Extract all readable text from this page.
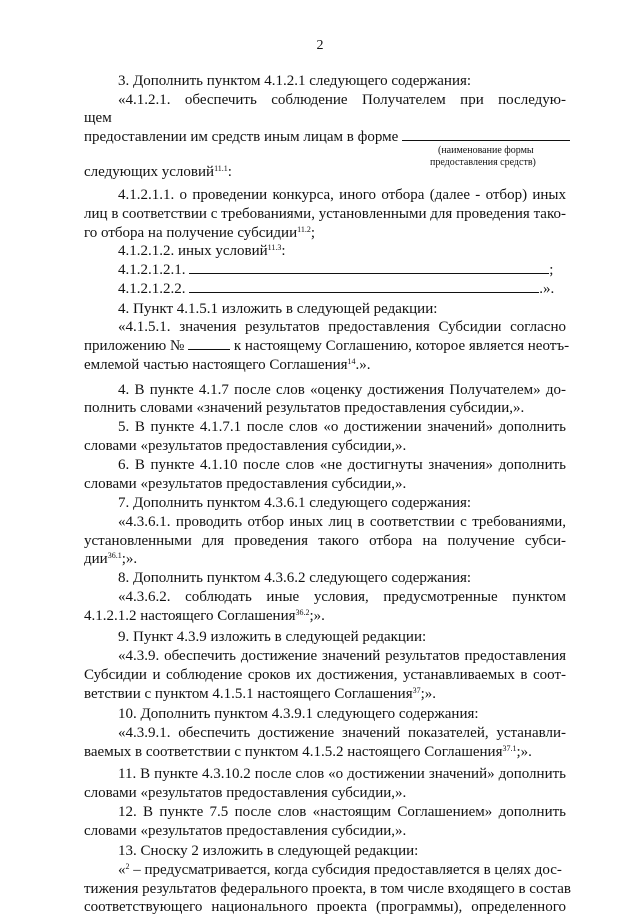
2
3. Дополнить пунктом 4.1.2.1 следующего содержания:
«4.1.2.1. обеспечить соблюдение Получателем при последую-
щем
предоставлении им средств иным лицам в форме
(наименование формы
предоставления средств)
следующих условий$^{11.1}$:
4.1.2.1.1. о проведении конкурса, иного отбора (далее - отбор) иных
лиц в соответствии с требованиями, установленными для проведения тако-
го отбора на получение субсидии$^{11.2}$;
4.1.2.1.2. иных условий$^{11.3}$:
4.1.2.1.2.1.	;
4.1.2.1.2.2.	.».
4. Пункт 4.1.5.1 изложить в следующей редакции:
«4.1.5.1. значения результатов предоставления Субсидии согласно
приложению №	к настоящему Соглашению, которое является неотъ-
емлемой частью настоящего Соглашения$^{14}$.».
4. В пункте 4.1.7 после слов «оценку достижения Получателем» до-
полнить словами «значений результатов предоставления субсидии,».
5. В пункте 4.1.7.1 после слов «о достижении значений» дополнить
словами «результатов предоставления субсидии,».
6. В пункте 4.1.10 после слов «не достигнуты значения» дополнить
словами «результатов предоставления субсидии,».
7. Дополнить пунктом 4.3.6.1 следующего содержания:
«4.3.6.1. проводить отбор иных лиц в соответствии с требованиями,
установленными для проведения такого отбора на получение субси-
дии$^{36.1}$;».
8. Дополнить пунктом 4.3.6.2 следующего содержания:
«4.3.6.2. соблюдать иные условия, предусмотренные пунктом
4.1.2.1.2 настоящего Соглашения$^{36.2}$;».
9. Пункт 4.3.9 изложить в следующей редакции:
«4.3.9. обеспечить достижение значений результатов предоставления
Субсидии и соблюдение сроков их достижения, устанавливаемых в соот-
ветствии с пунктом 4.1.5.1 настоящего Соглашения$^{37}$;».
10. Дополнить пунктом 4.3.9.1 следующего содержания:
«4.3.9.1. обеспечить достижение значений показателей, устанавли-
ваемых в соответствии с пунктом 4.1.5.2 настоящего Соглашения$^{37.1}$;».
11. В пункте 4.3.10.2 после слов «о достижении значений» дополнить
словами «результатов предоставления субсидии,».
12. В пункте 7.5 после слов «настоящим Соглашением» дополнить
словами «результатов предоставления субсидии,».
13. Сноску 2 изложить в следующей редакции:
«$^2$ – предусматривается, когда субсидия предоставляется в целях дос-
тижения результатов федерального проекта, в том числе входящего в состав
соответствующего национального проекта (программы), определенного
